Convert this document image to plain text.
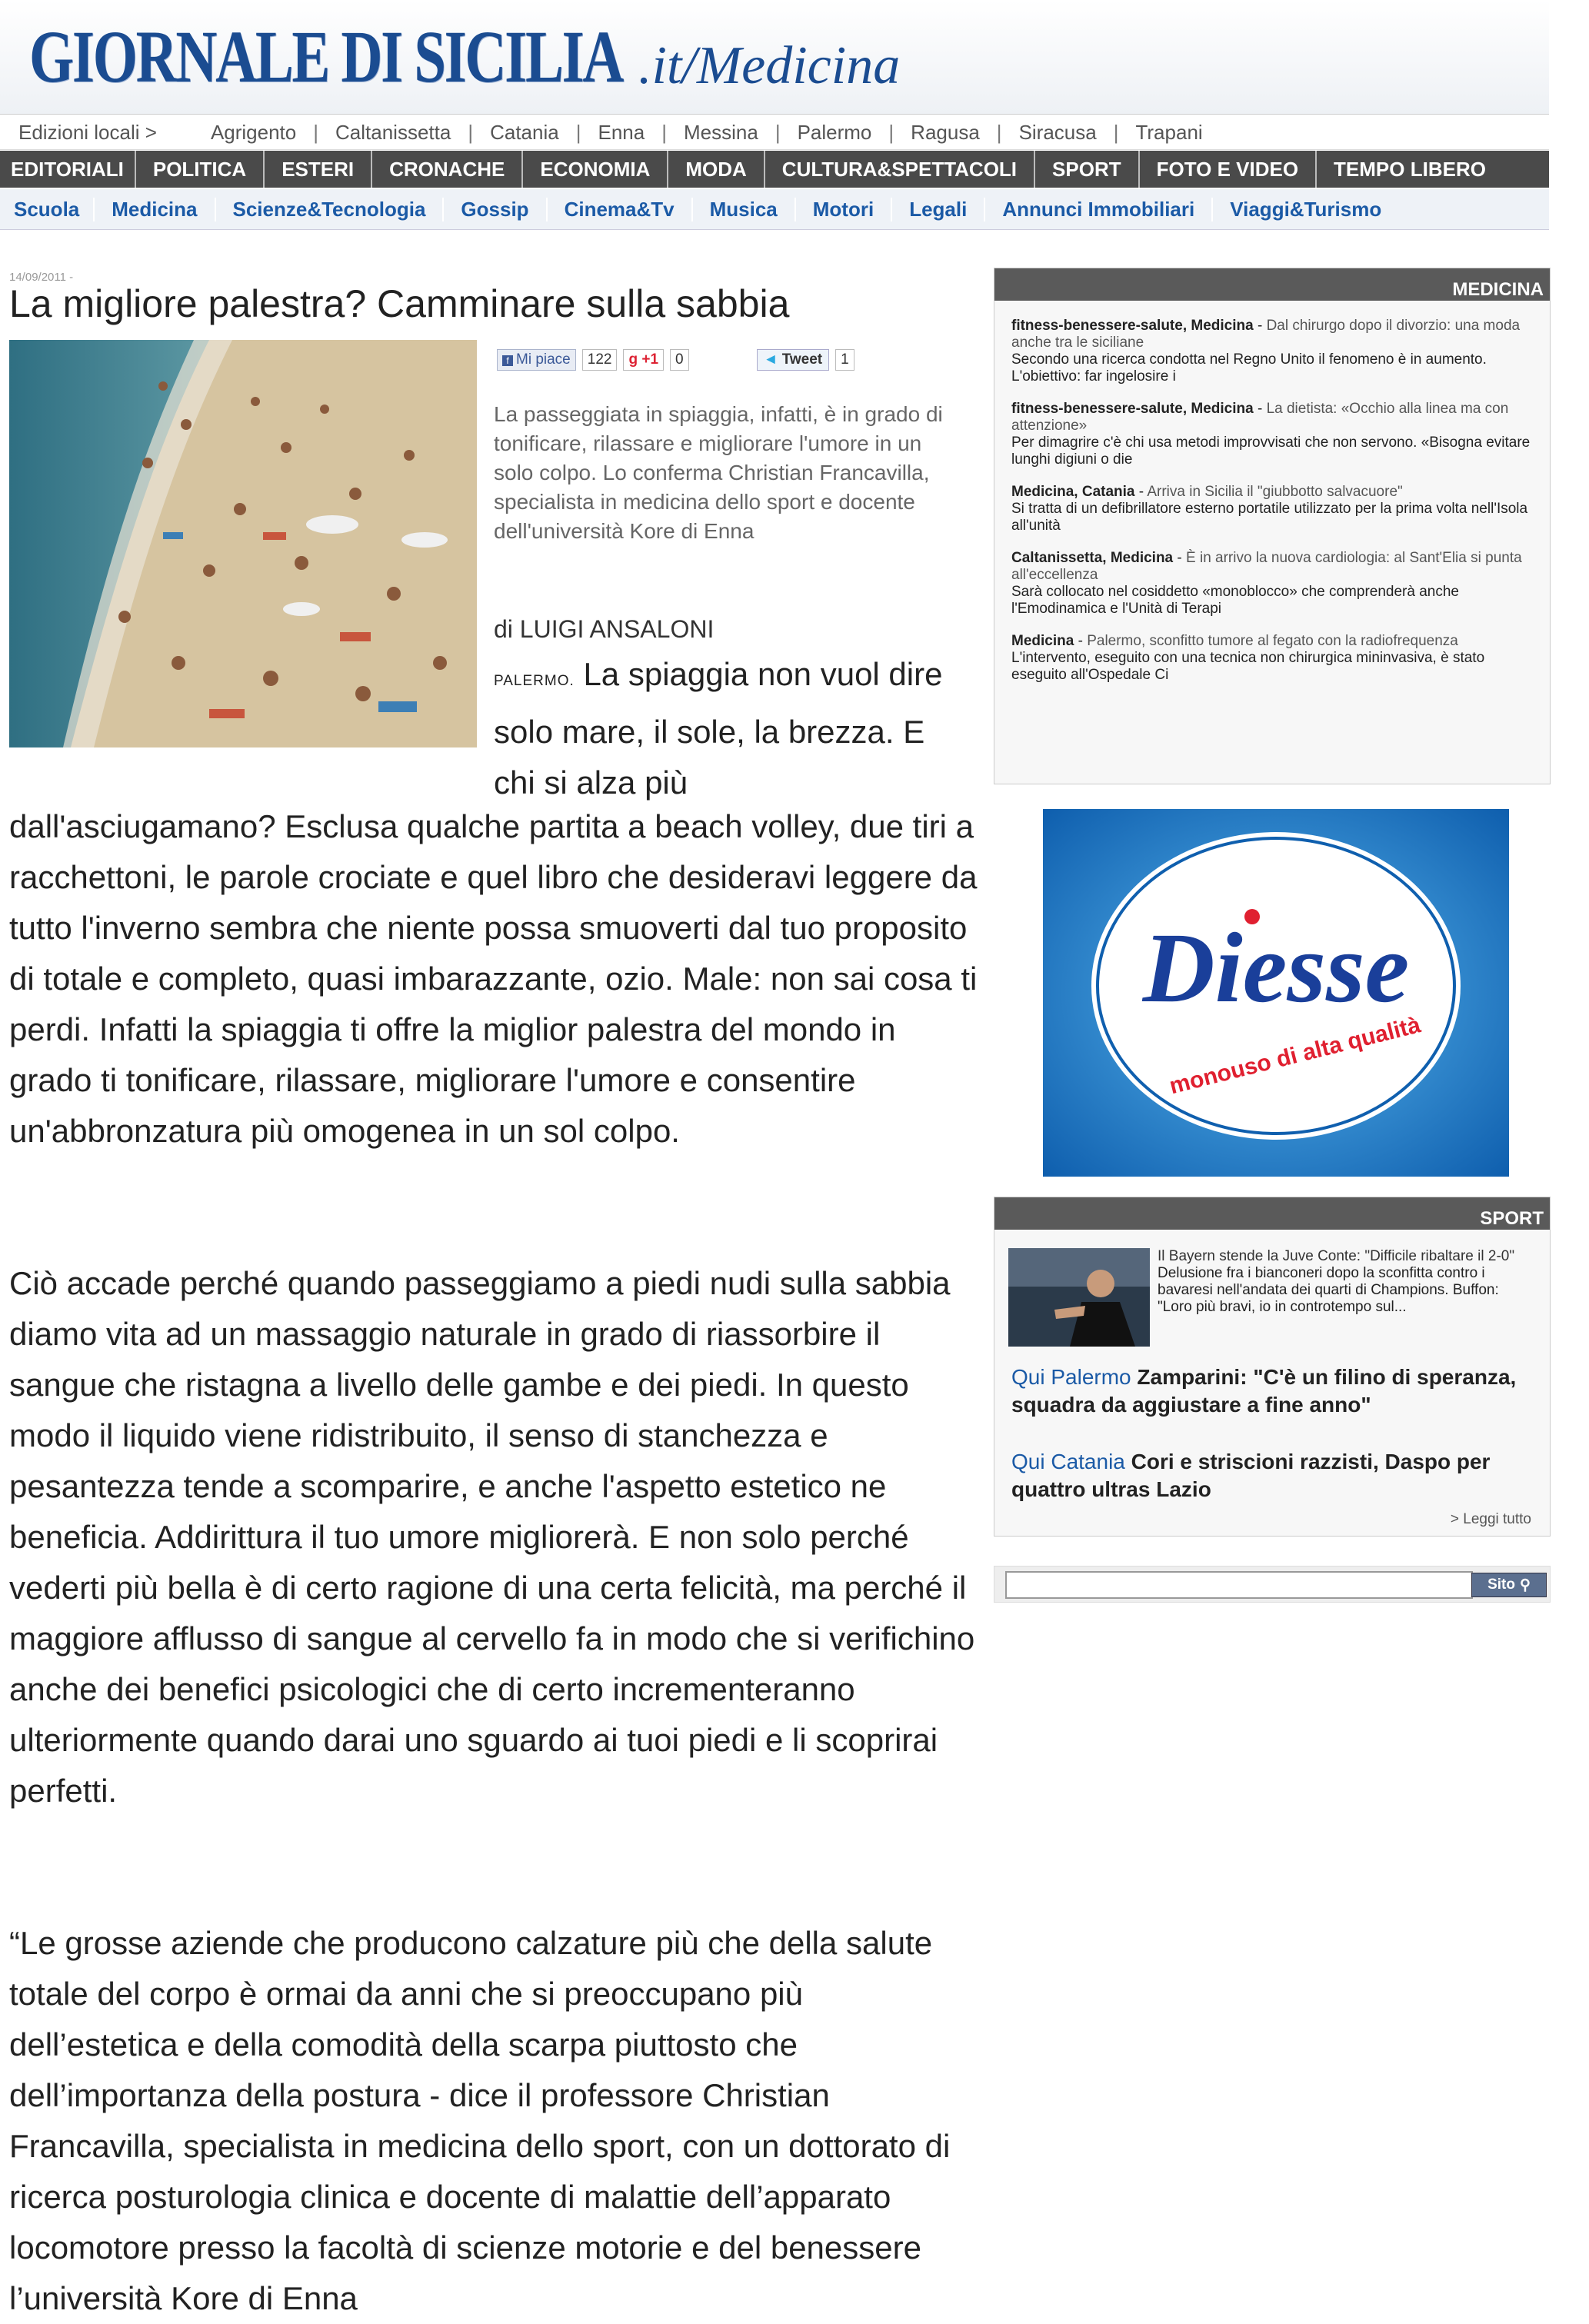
GIORNALE DI SICILIA .it/Medicina
Edizioni locali >	Agrigento | Caltanissetta | Catania | Enna | Messina | Palermo | Ragusa | Siracusa | Trapani
EDITORIALI	POLITICA	ESTERI	CRONACHE	ECONOMIA	MODA	CULTURA&SPETTACOLI	SPORT	FOTO E VIDEO	TEMPO LIBERO
Scuola	Medicina	Scienze&Tecnologia	Gossip	Cinema&Tv	Musica	Motori	Legali	Annunci Immobiliari	Viaggi&Turismo
14/09/2011 -
La migliore palestra? Camminare sulla sabbia
f Mi piace	122	g +1	0	◄ Tweet	1

La passeggiata in spiaggia, infatti, è in grado di tonificare, rilassare e migliorare l'umore in un solo colpo. Lo conferma Christian Francavilla, specialista in medicina dello sport e docente dell'università Kore di Enna

di LUIGI ANSALONI

PALERMO. La spiaggia non vuol dire solo mare, il sole, la brezza. E chi si alza più

dall'asciugamano? Esclusa qualche partita a beach volley, due tiri a racchettoni, le parole crociate e quel libro che desideravi leggere da tutto l'inverno sembra che niente possa smuoverti dal tuo proposito di totale e completo, quasi imbarazzante, ozio. Male: non sai cosa ti perdi. Infatti la spiaggia ti offre la miglior palestra del mondo in grado ti tonificare, rilassare, migliorare l'umore e consentire un'abbronzatura più omogenea in un sol colpo.

Ciò accade perché quando passeggiamo a piedi nudi sulla sabbia diamo vita ad un massaggio naturale in grado di riassorbire il sangue che ristagna a livello delle gambe e dei piedi. In questo modo il liquido viene ridistribuito, il senso di stanchezza e pesantezza tende a scomparire, e anche l'aspetto estetico ne beneficia. Addirittura il tuo umore migliorerà. E non solo perché vederti più bella è di certo ragione di una certa felicità, ma perché il maggiore afflusso di sangue al cervello fa in modo che si verifichino anche dei benefici psicologici che di certo incrementeranno ulteriormente quando darai uno sguardo ai tuoi piedi e li scoprirai perfetti.

“Le grosse aziende che producono calzature più che della salute totale del corpo è ormai da anni che si preoccupano più dell’estetica e della comodità della scarpa piuttosto che dell’importanza della postura - dice il professore Christian Francavilla, specialista in medicina dello sport, con un dottorato di ricerca posturologia clinica e docente di malattie dell’apparato locomotore presso la facoltà di scienze motorie e del benessere l’università Kore di Enna

MEDICINA
fitness-benessere-salute, Medicina - Dal chirurgo dopo il divorzio: una moda anche tra le siciliane
Secondo una ricerca condotta nel Regno Unito il fenomeno è in aumento. L'obiettivo: far ingelosire i
fitness-benessere-salute, Medicina - La dietista: «Occhio alla linea ma con attenzione»
Per dimagrire c'è chi usa metodi improvvisati che non servono. «Bisogna evitare lunghi digiuni o die
Medicina, Catania - Arriva in Sicilia il "giubbotto salvacuore"
Si tratta di un defibrillatore esterno portatile utilizzato per la prima volta nell'Isola all'unità
Caltanissetta, Medicina - È in arrivo la nuova cardiologia: al Sant'Elia si punta all'eccellenza
Sarà collocato nel cosiddetto «monoblocco» che comprenderà anche l'Emodinamica e l'Unità di Terapi
Medicina - Palermo, sconfitto tumore al fegato con la radiofrequenza
L'intervento, eseguito con una tecnica non chirurgica mininvasiva, è stato eseguito all'Ospedale Ci
Diesse
monouso di alta qualità
SPORT
Il Bayern stende la Juve Conte: "Difficile ribaltare il 2-0"
Delusione fra i bianconeri dopo la sconfitta contro i bavaresi nell'andata dei quarti di Champions. Buffon: "Loro più bravi, io in controtempo sul...
Qui Palermo Zamparini: "C'è un filino di speranza, squadra da aggiustare a fine anno"
Qui Catania Cori e striscioni razzisti, Daspo per quattro ultras Lazio
> Leggi tutto
Sito ⚲
